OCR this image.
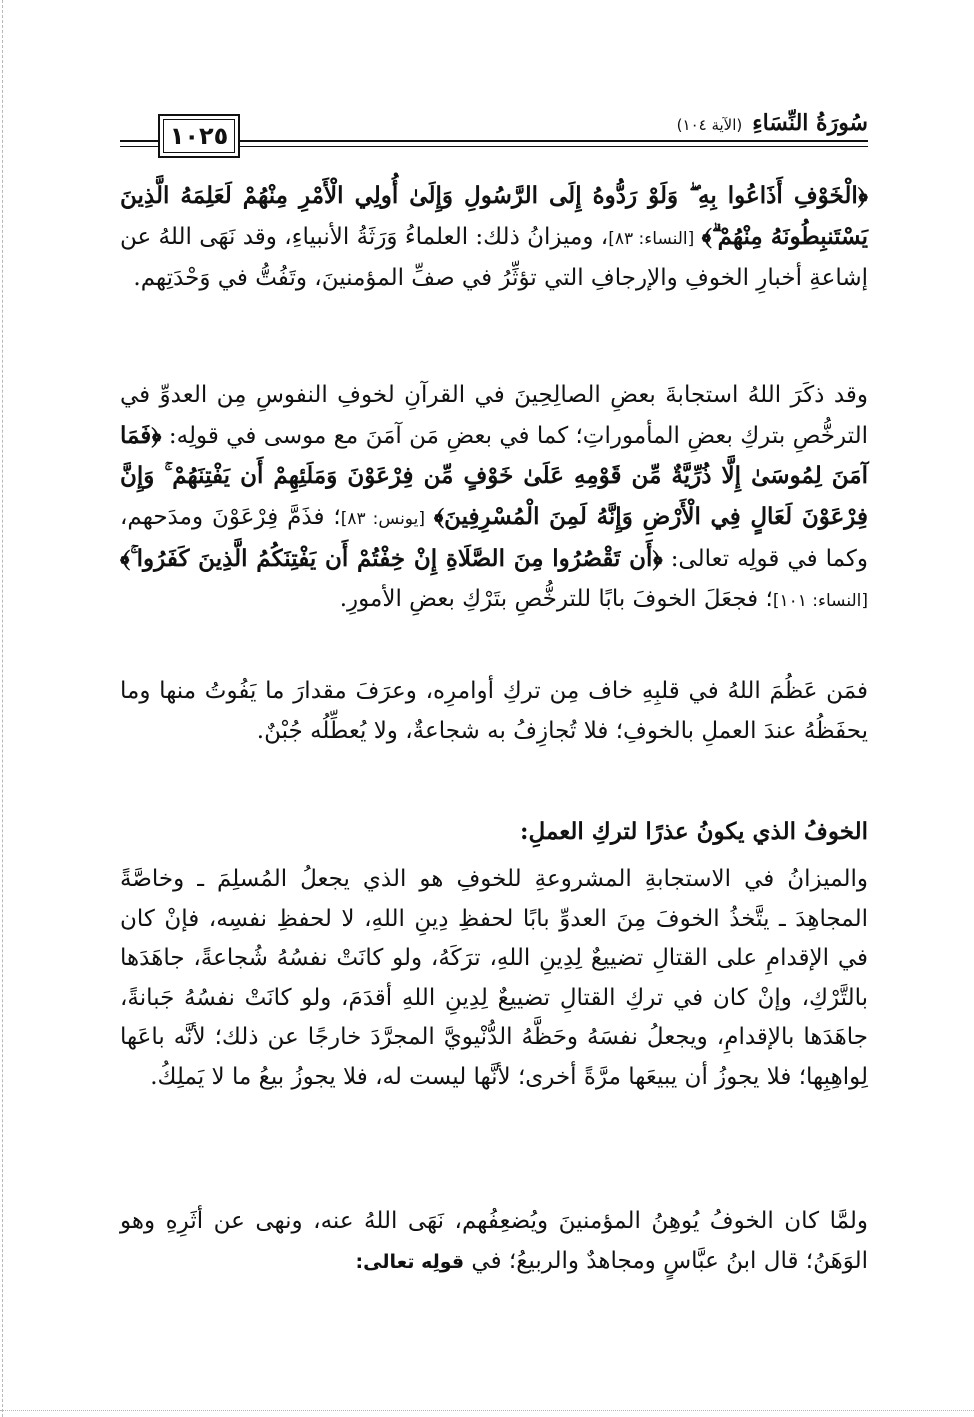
سُورَةُ النِّسَاءِ
(الآية ١٠٤)
١٠٢٥

﴿الْخَوْفِ أَذَاعُوا بِهِ ۖ وَلَوْ رَدُّوهُ إِلَى الرَّسُولِ وَإِلَىٰ أُولِي الْأَمْرِ مِنْهُمْ لَعَلِمَهُ الَّذِينَ يَسْتَنبِطُونَهُ مِنْهُمْ ۗ﴾ [النساء: ٨٣]، وميزانُ ذلك: العلماءُ وَرَثَةُ الأنبياءِ، وقد نَهَى اللهُ عن إشاعةِ أخبارِ الخوفِ والإرجافِ التي تؤثِّرُ في صفِّ المؤمنينَ، وتَفُتُّ في وَحْدَتِهم.

وقد ذكَرَ اللهُ استجابةَ بعضِ الصالِحِينَ في القرآنِ لخوفِ النفوسِ مِن العدوِّ في الترخُّصِ بتركِ بعضِ المأموراتِ؛ كما في بعضِ مَن آمَنَ مع موسى في قولِه: ﴿فَمَا آمَنَ لِمُوسَىٰ إِلَّا ذُرِّيَّةٌ مِّن قَوْمِهِ عَلَىٰ خَوْفٍ مِّن فِرْعَوْنَ وَمَلَئِهِمْ أَن يَفْتِنَهُمْ ۚ وَإِنَّ فِرْعَوْنَ لَعَالٍ فِي الْأَرْضِ وَإِنَّهُ لَمِنَ الْمُسْرِفِينَ﴾ [يونس: ٨٣]؛ فذَمَّ فِرْعَوْنَ ومدَحهم، وكما في قولِه تعالى: ﴿أَن تَقْصُرُوا مِنَ الصَّلَاةِ إِنْ خِفْتُمْ أَن يَفْتِنَكُمُ الَّذِينَ كَفَرُوا ۚ﴾ [النساء: ١٠١]؛ فجعَلَ الخوفَ بابًا للترخُّصِ بتَرْكِ بعضِ الأمورِ.

فمَن عَظُمَ اللهُ في قلبِهِ خاف مِن تركِ أوامرِه، وعرَفَ مقدارَ ما يَفُوتُ منها وما يحفَظُهُ عندَ العملِ بالخوفِ؛ فلا تُجازِفُ به شجاعةٌ، ولا يُعطِّلُه جُبْنٌ.

الخوفُ الذي يكونُ عذرًا لتركِ العملِ:

والميزانُ في الاستجابةِ المشروعةِ للخوفِ هو الذي يجعلُ المُسلِمَ ـ وخاصَّةً المجاهِدَ ـ يتَّخذُ الخوفَ مِنَ العدوِّ بابًا لحفظِ دِينِ اللهِ، لا لحفظِ نفسِه، فإنْ كان في الإقدامِ على القتالِ تضييعٌ لِدِينِ اللهِ، ترَكَهُ، ولو كانَتْ نفسُهُ شُجاعةً، جاهَدَها بالتَّرْكِ، وإنْ كان في تركِ القتالِ تضييعٌ لِدِينِ اللهِ أقدَمَ، ولو كانَتْ نفسُهُ جَبانةً، جاهَدَها بالإقدامِ، ويجعلُ نفسَهُ وحَظَّهُ الدُّنْيويَّ المجرَّدَ خارجًا عن ذلك؛ لأنَّه باعَها لِواهِبِها؛ فلا يجوزُ أن يبيعَها مرَّةً أخرى؛ لأنَّها ليست له، فلا يجوزُ بيعُ ما لا يَملِكُ.

ولمَّا كان الخوفُ يُوهِنُ المؤمنينَ ويُضعِفُهم، نَهَى اللهُ عنه، ونهى عن أثَرِهِ وهو الوَهَنُ؛ قال ابنُ عبَّاسٍ ومجاهدٌ والربيعُ؛ في قولِه تعالى:
